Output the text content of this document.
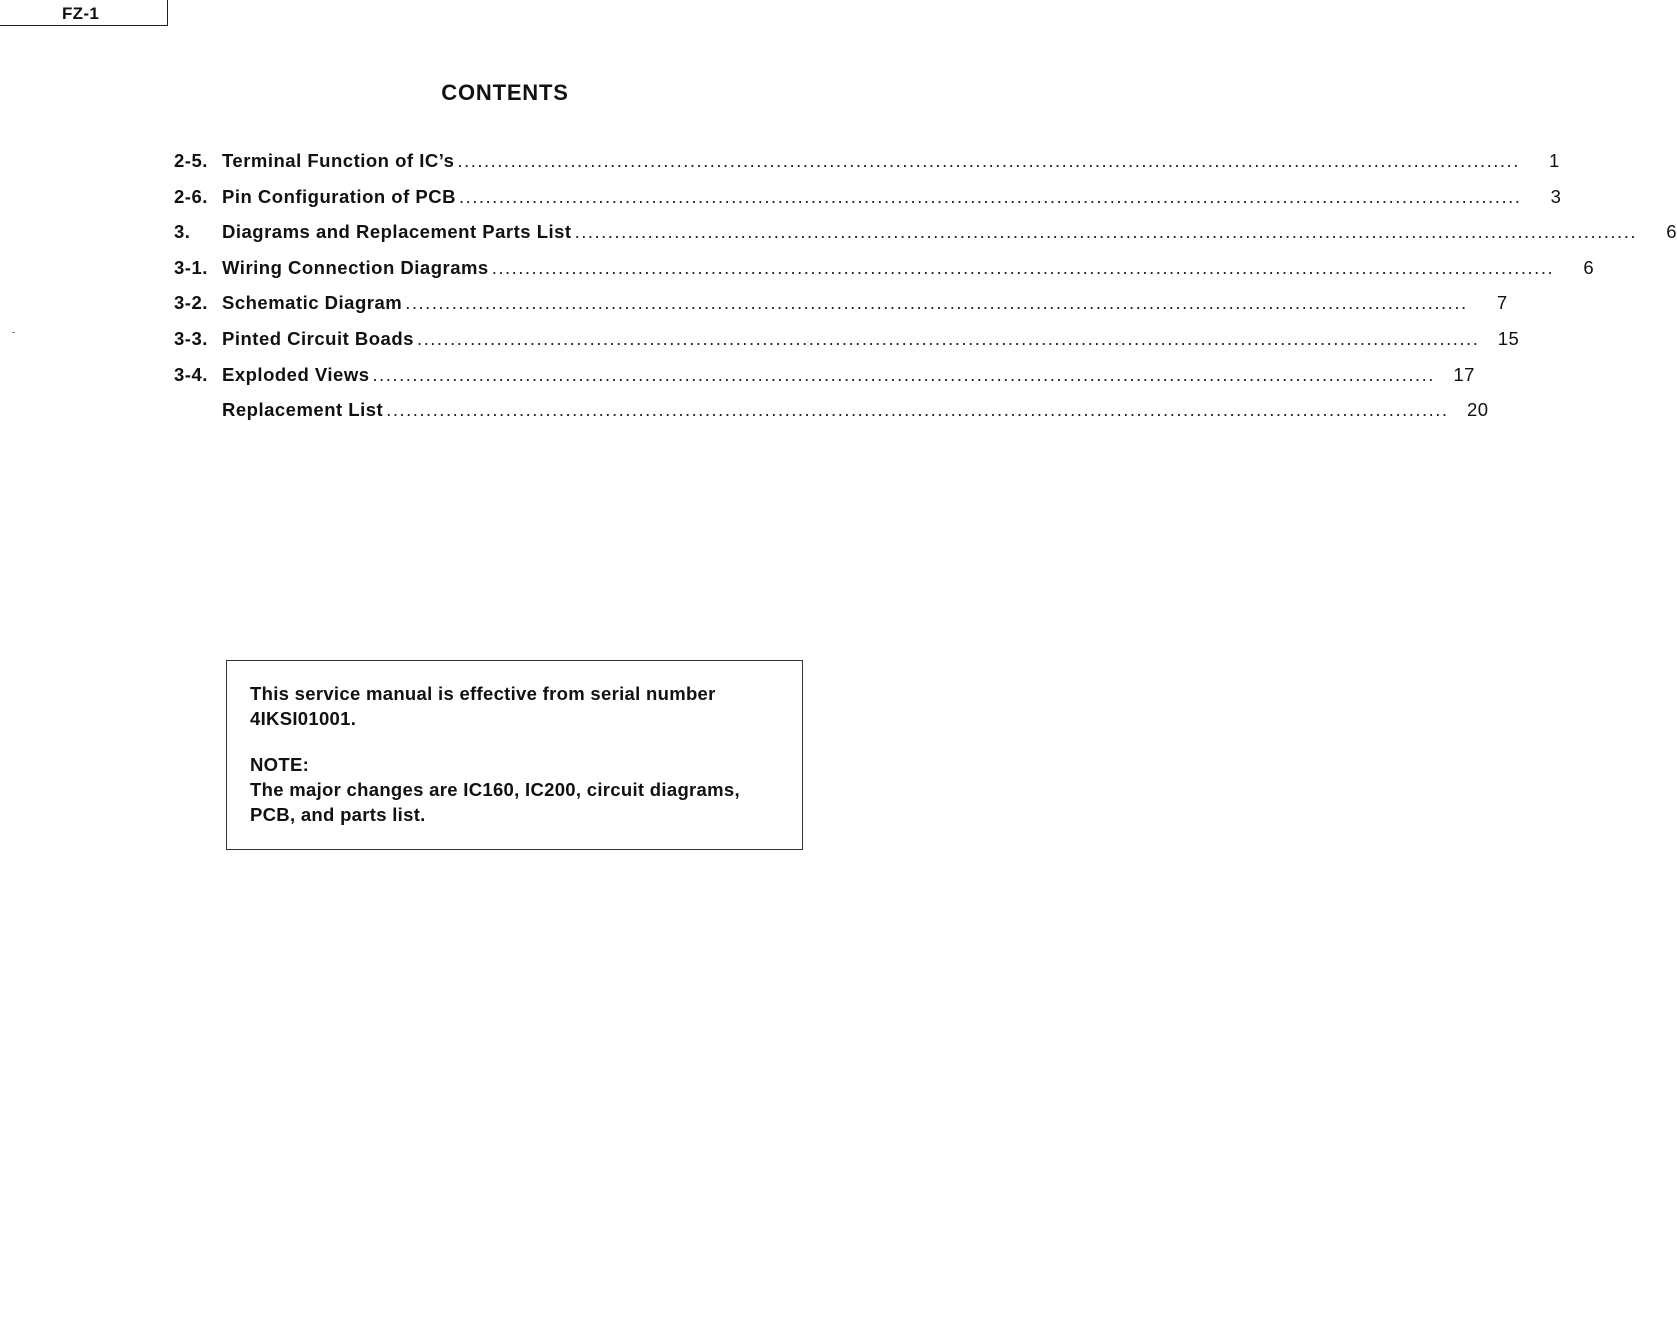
FZ-1
CONTENTS
2-5. Terminal Function of IC’s ................................................................................................................................................................	1
2-6. Pin Configuration of PCB ................................................................................................................................................................	3
3.	Diagrams and Replacement Parts List ................................................................................................................................................................	6
3-1. Wiring Connection Diagrams ................................................................................................................................................................	6
3-2. Schematic Diagram ................................................................................................................................................................	7
3-3. Pinted Circuit Boads ................................................................................................................................................................ 15
3-4. Exploded Views ................................................................................................................................................................ 17
Replacement List ................................................................................................................................................................ 20

This service manual is effective from serial number

4IKSI01001.

NOTE:

The major changes are IC160, IC200, circuit diagrams,

PCB, and parts list.
